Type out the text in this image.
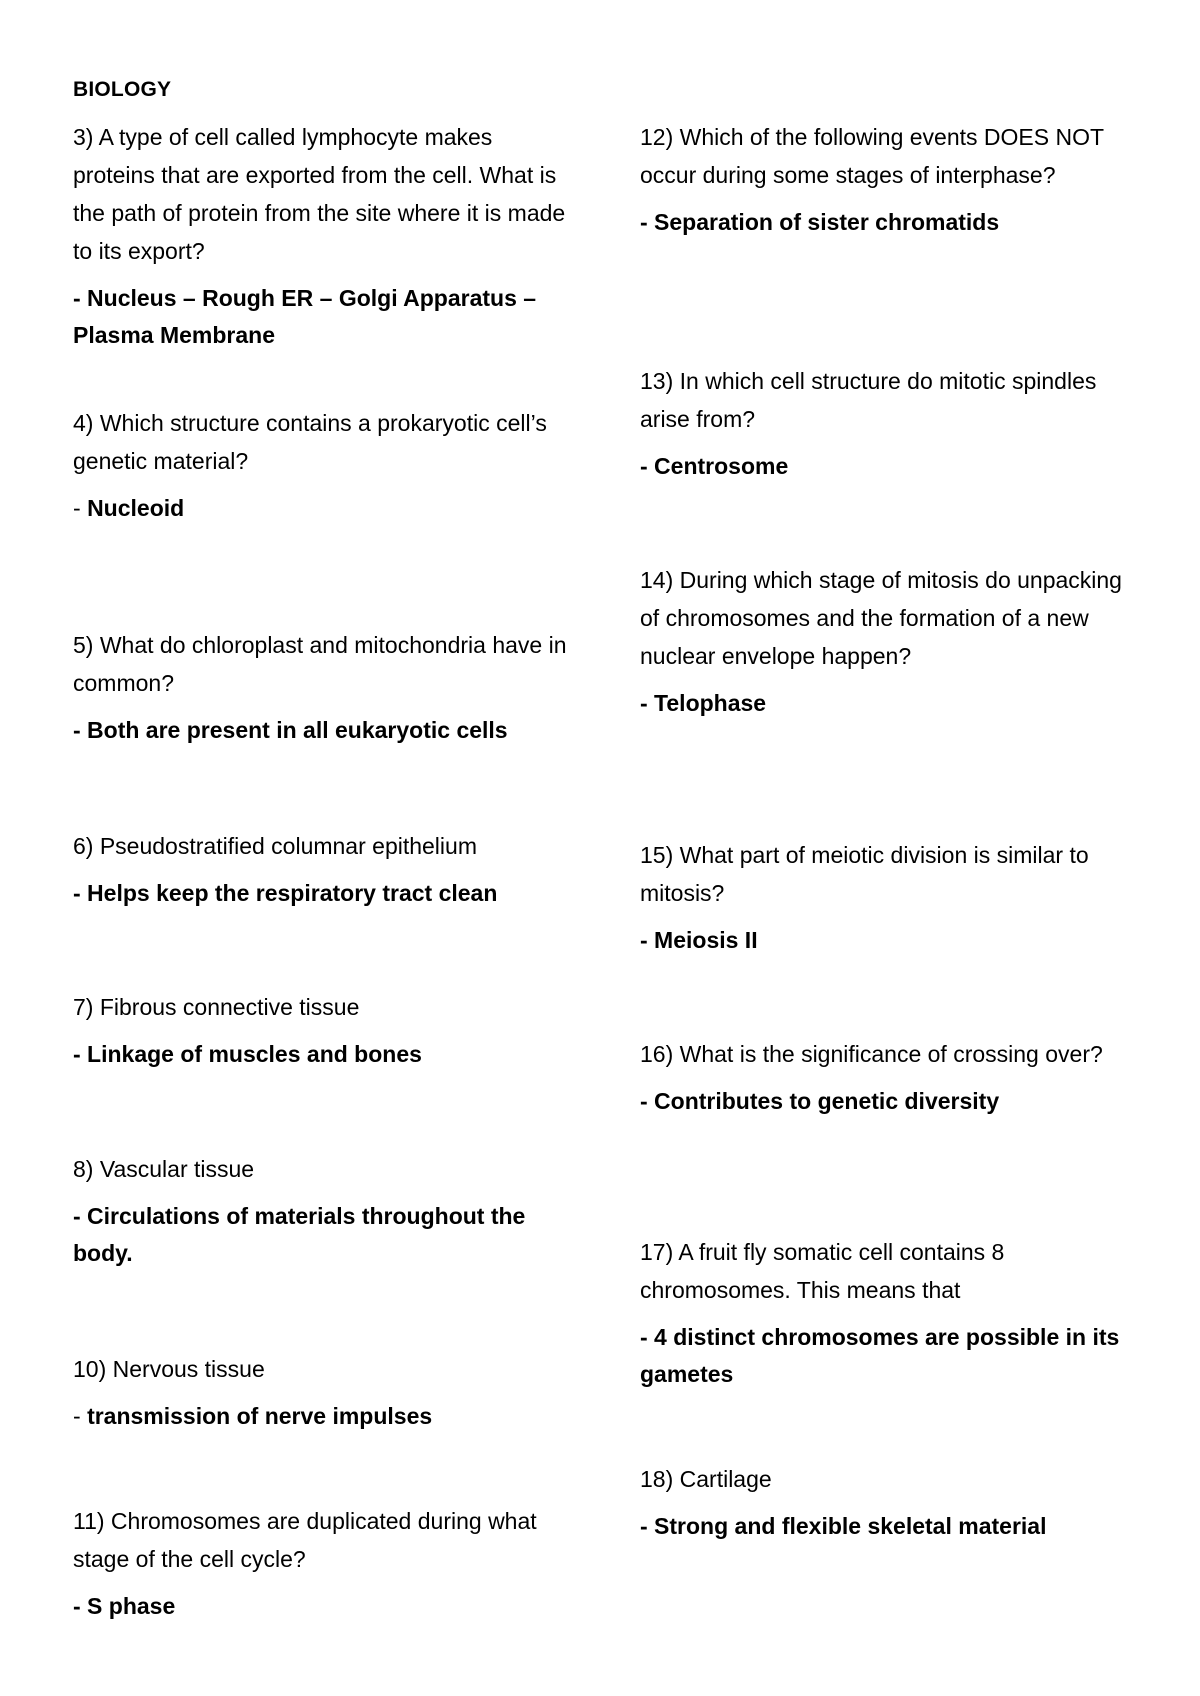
BIOLOGY

3) A type of cell called lymphocyte makes proteins that are exported from the cell. What is the path of protein from the site where it is made to its export?

- Nucleus – Rough ER – Golgi Apparatus – Plasma Membrane

4) Which structure contains a prokaryotic cell’s genetic material?

- Nucleoid

5) What do chloroplast and mitochondria have in common?

- Both are present in all eukaryotic cells

6) Pseudostratified columnar epithelium

- Helps keep the respiratory tract clean

7) Fibrous connective tissue

- Linkage of muscles and bones

8) Vascular tissue

- Circulations of materials throughout the body.

10) Nervous tissue

- transmission of nerve impulses

11) Chromosomes are duplicated during what stage of the cell cycle?

- S phase

12) Which of the following events DOES NOT occur during some stages of interphase?

- Separation of sister chromatids

13) In which cell structure do mitotic spindles arise from?

- Centrosome

14) During which stage of mitosis do unpacking of chromosomes and the formation of a new nuclear envelope happen?

- Telophase

15) What part of meiotic division is similar to mitosis?

- Meiosis II

16) What is the significance of crossing over?

- Contributes to genetic diversity

17) A fruit fly somatic cell contains 8 chromosomes. This means that

- 4 distinct chromosomes are possible in its gametes

18) Cartilage

- Strong and flexible skeletal material
